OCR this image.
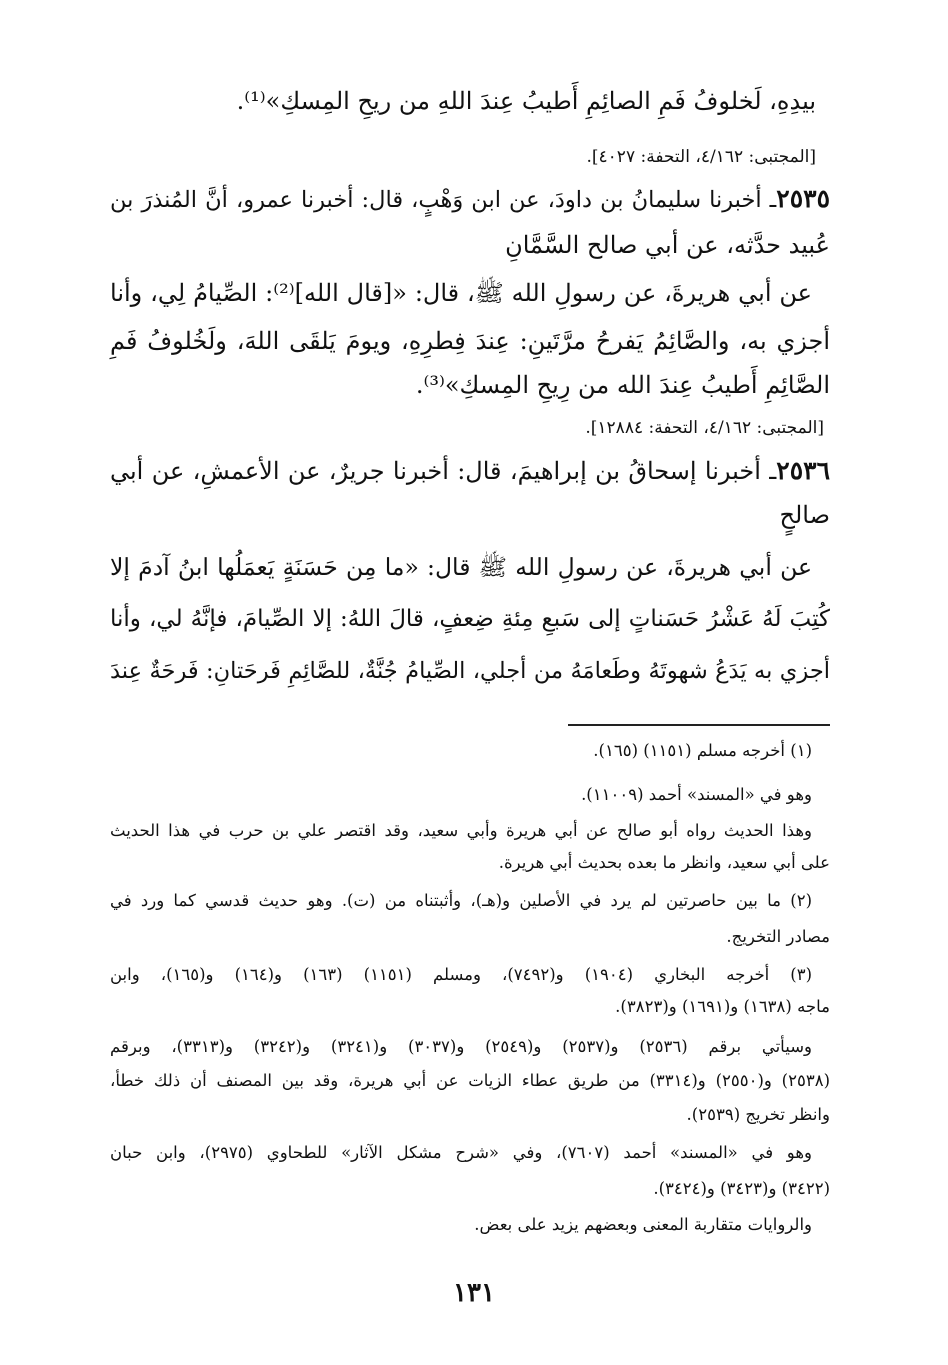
بيدِهِ، لَخلوفُ فَمِ الصائِمِ أَطيبُ عِندَ اللهِ من ريحِ المِسكِ»⁽¹⁾.
[المجتبى: ٤/١٦٢، التحفة: ٤٠٢٧].
٢٥٣٥ـ أخبرنا سليمانُ بن داودَ، عن ابن وَهْبٍ، قال: أخبرنا عمرو، أنَّ المُنذرَ بن
عُبيد حدَّثه، عن أبي صالح السَّمَّانِ
عن أبي هريرةَ، عن رسولِ الله ﷺ، قال: «[قال الله]⁽²⁾: الصِّيامُ لِي، وأنا
أجزي به، والصَّائِمُ يَفرحُ مرَّتَينِ: عِندَ فِطرِهِ، ويومَ يَلقَى اللهَ، ولَخُلوفُ فَمِ
الصَّائِمِ أَطيبُ عِندَ الله من رِيحِ المِسكِ»⁽³⁾.
[المجتبى: ٤/١٦٢، التحفة: ١٢٨٨٤].
٢٥٣٦ـ أخبرنا إسحاقُ بن إبراهيمَ، قال: أخبرنا جريرٌ، عن الأعمشِ، عن أبي
صالحٍ
عن أبي هريرةَ، عن رسولِ الله ﷺ قال: «ما مِن حَسَنَةٍ يَعمَلُها ابنُ آدمَ إلا
كُتِبَ لَهُ عَشْرُ حَسَناتٍ إلى سَبعِ مِئةِ ضِعفٍ، قالَ اللهُ: إلا الصِّيامَ، فإنَّهُ لي، وأنا
أجزي به يَدَعُ شهوتَهُ وطَعامَهُ من أجلي، الصِّيامُ جُنَّةٌ، للصَّائِمِ فَرحَتانِ: فَرحَةٌ عِندَ
(١) أخرجه مسلم (١١٥١) (١٦٥).
وهو في «المسند» أحمد (١١٠٠٩).
وهذا الحديث رواه أبو صالح عن أبي هريرة وأبي سعيد، وقد اقتصر علي بن حرب في هذا الحديث
على أبي سعيد، وانظر ما بعده بحديث أبي هريرة.
(٢) ما بين حاصرتين لم يرد في الأصلين و(هـ)، وأثبتناه من (ت). وهو حديث قدسي كما ورد في
مصادر التخريج.
(٣) أخرجه البخاري (١٩٠٤) و(٧٤٩٢)، ومسلم (١١٥١) (١٦٣) و(١٦٤) و(١٦٥)، وابن
ماجه (١٦٣٨) و(١٦٩١) و(٣٨٢٣).
وسيأتي برقم (٢٥٣٦) و(٢٥٣٧) و(٢٥٤٩) و(٣٠٣٧) و(٣٢٤١) و(٣٢٤٢) و(٣٣١٣)، وبرقم
(٢٥٣٨) و(٢٥٥٠) و(٣٣١٤) من طريق عطاء الزيات عن أبي هريرة، وقد بين المصنف أن ذلك خطأ،
وانظر تخريج (٢٥٣٩).
وهو في «المسند» أحمد (٧٦٠٧)، وفي «شرح مشكل الآثار» للطحاوي (٢٩٧٥)، وابن حبان
(٣٤٢٢) و(٣٤٢٣) و(٣٤٢٤).
والروايات متقاربة المعنى وبعضهم يزيد على بعض.
١٣١
